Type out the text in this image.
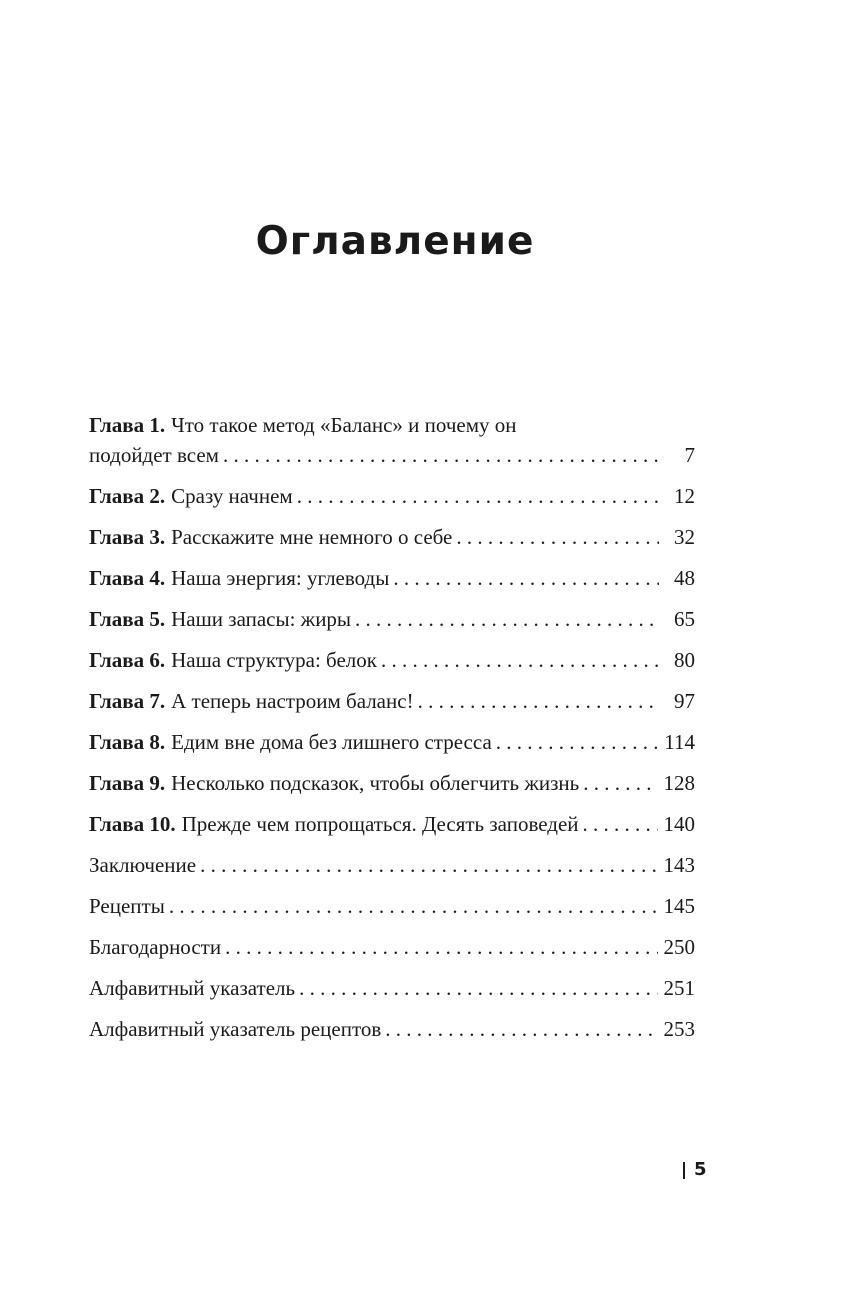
Оглавление
Глава 1. Что такое метод «Баланс» и почему он
подойдет всем . . .	7
Глава 2. Сразу начнем . . .	12
Глава 3. Расскажите мне немного о себе . . .	32
Глава 4. Наша энергия: углеводы . . .	48
Глава 5. Наши запасы: жиры . . .	65
Глава 6. Наша структура: белок . . .	80
Глава 7. А теперь настроим баланс! . . .	97
Глава 8. Едим вне дома без лишнего стресса . . .	114
Глава 9. Несколько подсказок, чтобы облегчить жизнь . . .	128
Глава 10. Прежде чем попрощаться. Десять заповедей . . .	140
Заключение . . .	143
Рецепты . . .	145
Благодарности . . .	250
Алфавитный указатель . . .	251
Алфавитный указатель рецептов . . .	253
5
